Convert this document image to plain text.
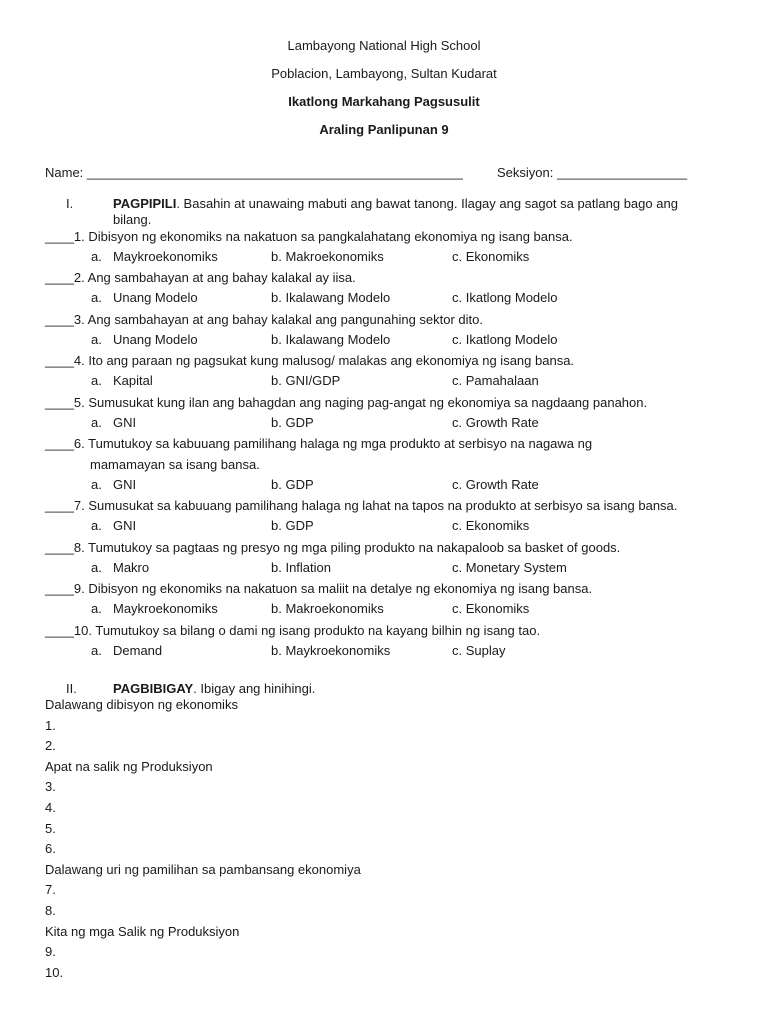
Lambayong National High School
Poblacion, Lambayong, Sultan Kudarat
Ikatlong Markahang Pagsusulit
Araling Panlipunan 9
Name: ____________________________________________________	Seksiyon: __________________
I.	PAGPIPILI. Basahin at unawaing mabuti ang bawat tanong. Ilagay ang sagot sa patlang bago ang
bilang.
____1. Dibisyon ng ekonomiks na nakatuon sa pangkalahatang ekonomiya ng isang bansa.
a. Maykroekonomiks	b. Makroekonomiks	c. Ekonomiks
____2. Ang sambahayan at ang bahay kalakal ay iisa.
a. Unang Modelo	b. Ikalawang Modelo	c. Ikatlong Modelo
____3. Ang sambahayan at ang bahay kalakal ang pangunahing sektor dito.
a. Unang Modelo	b. Ikalawang Modelo	c. Ikatlong Modelo
____4. Ito ang paraan ng pagsukat kung malusog/ malakas ang ekonomiya ng isang bansa.
a. Kapital	b. GNI/GDP	c. Pamahalaan
____5. Sumusukat kung ilan ang bahagdan ang naging pag-angat ng ekonomiya sa nagdaang panahon.
a. GNI	b. GDP	c. Growth Rate
____6. Tumutukoy sa kabuuang pamilihang halaga ng mga produkto at serbisyo na nagawa ng
mamamayan sa isang bansa.
a. GNI	b. GDP	c. Growth Rate
____7. Sumusukat sa kabuuang pamilihang halaga ng lahat na tapos na produkto at serbisyo sa isang bansa.
a. GNI	b. GDP	c. Ekonomiks
____8. Tumutukoy sa pagtaas ng presyo ng mga piling produkto na nakapaloob sa basket of goods.
a. Makro	b. Inflation	c. Monetary System
____9. Dibisyon ng ekonomiks na nakatuon sa maliit na detalye ng ekonomiya ng isang bansa.
a. Maykroekonomiks	b. Makroekonomiks	c. Ekonomiks
____10. Tumutukoy sa bilang o dami ng isang produkto na kayang bilhin ng isang tao.
a. Demand	b. Maykroekonomiks	c. Suplay
II.	PAGBIBIGAY. Ibigay ang hinihingi.
Dalawang dibisyon ng ekonomiks
1.
2.
Apat na salik ng Produksiyon
3.
4.
5.
6.
Dalawang uri ng pamilihan sa pambansang ekonomiya
7.
8.
Kita ng mga Salik ng Produksiyon
9.
10.
